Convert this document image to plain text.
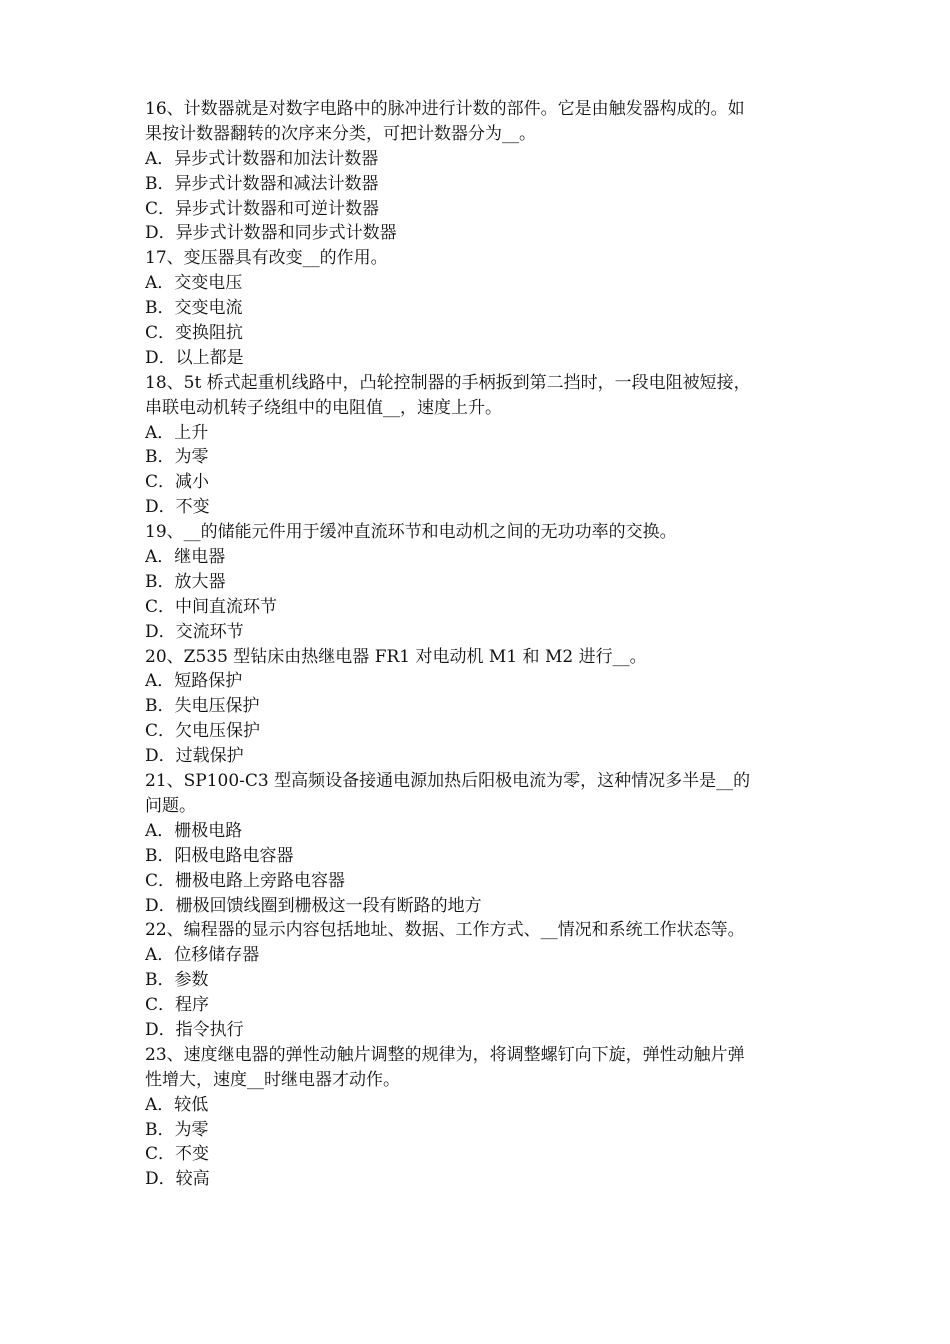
16、计数器就是对数字电路中的脉冲进行计数的部件。它是由触发器构成的。如
果按计数器翻转的次序来分类，可把计数器分为__。
A．异步式计数器和加法计数器
B．异步式计数器和减法计数器
C．异步式计数器和可逆计数器
D．异步式计数器和同步式计数器
17、变压器具有改变__的作用。
A．交变电压
B．交变电流
C．变换阻抗
D．以上都是
18、5t 桥式起重机线路中，凸轮控制器的手柄扳到第二挡时，一段电阻被短接，
串联电动机转子绕组中的电阻值__，速度上升。
A．上升
B．为零
C．减小
D．不变
19、__的储能元件用于缓冲直流环节和电动机之间的无功功率的交换。
A．继电器
B．放大器
C．中间直流环节
D．交流环节
20、Z535 型钻床由热继电器 FR1 对电动机 M1 和 M2 进行__。
A．短路保护
B．失电压保护
C．欠电压保护
D．过载保护
21、SP100-C3 型高频设备接通电源加热后阳极电流为零，这种情况多半是__的
问题。
A．栅极电路
B．阳极电路电容器
C．栅极电路上旁路电容器
D．栅极回馈线圈到栅极这一段有断路的地方
22、编程器的显示内容包括地址、数据、工作方式、__情况和系统工作状态等。
A．位移储存器
B．参数
C．程序
D．指令执行
23、速度继电器的弹性动触片调整的规律为，将调整螺钉向下旋，弹性动触片弹
性增大，速度__时继电器才动作。
A．较低
B．为零
C．不变
D．较高
